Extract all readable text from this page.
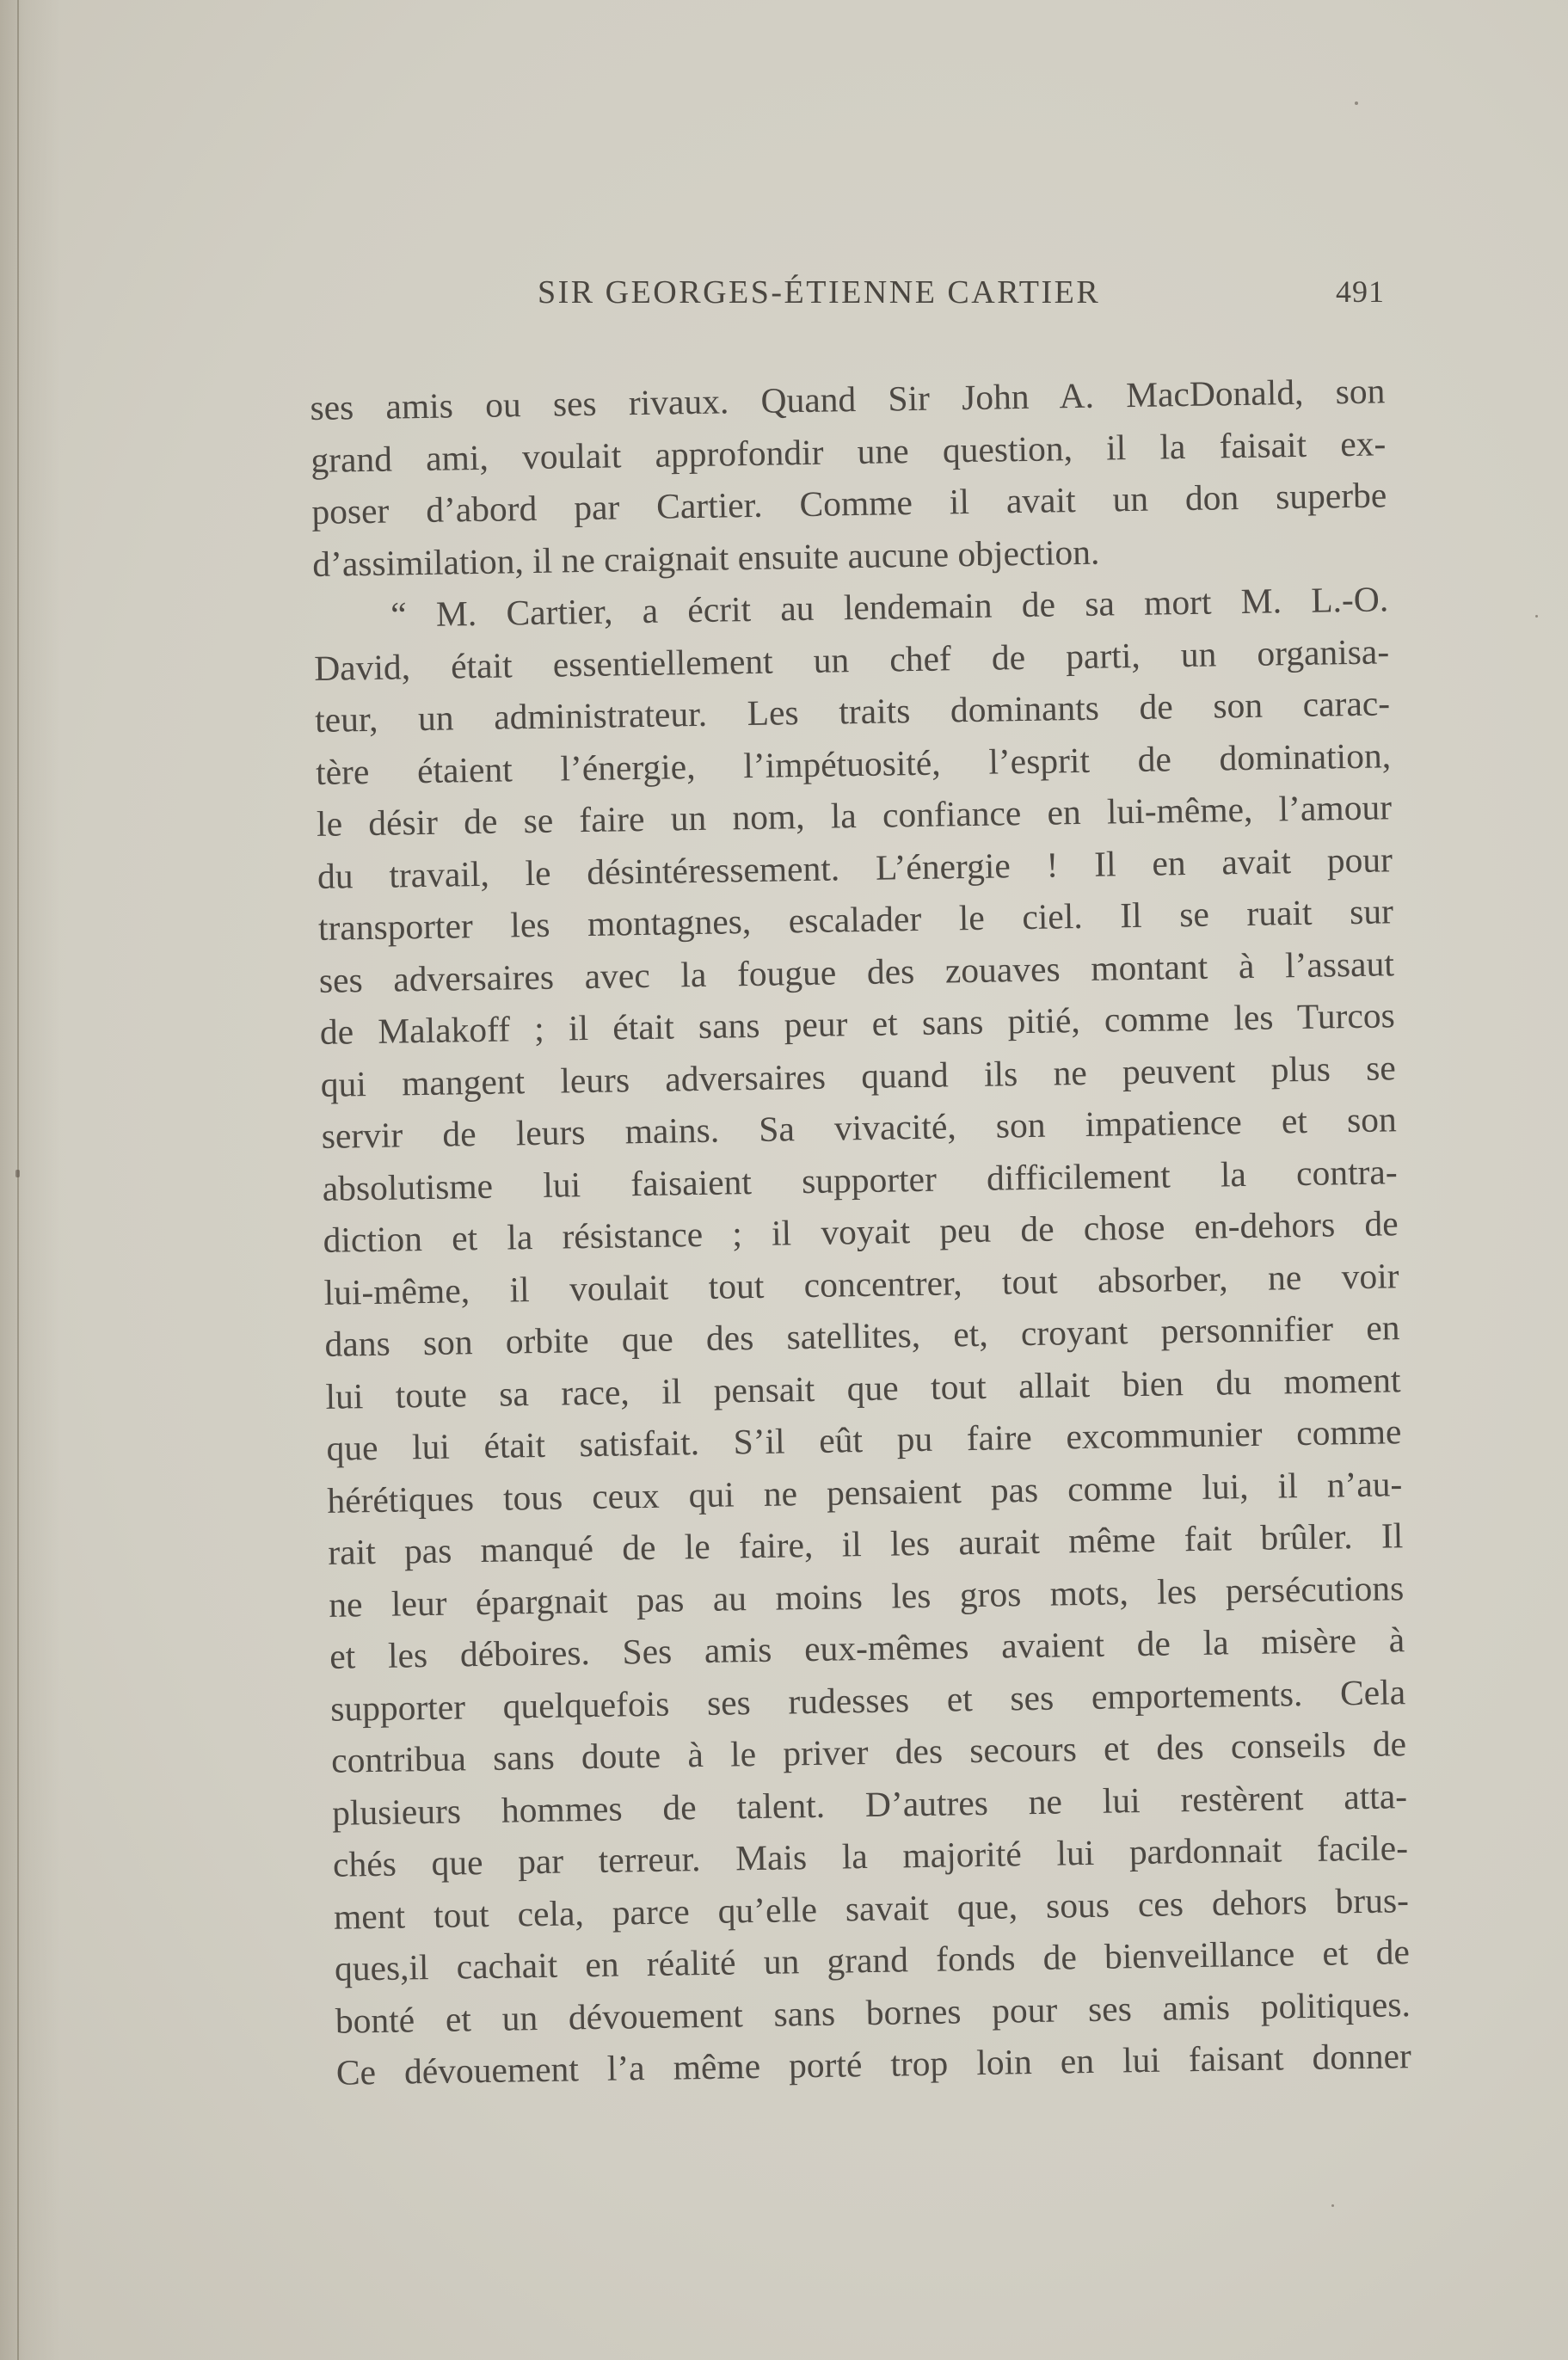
SIR GEORGES-ÉTIENNE CARTIER	491
ses amis ou ses rivaux. Quand Sir John A. MacDonald, son
grand ami, voulait approfondir une question, il la faisait ex-
poser d’abord par Cartier. Comme il avait un don superbe
d’assimilation, il ne craignait ensuite aucune objection.
“ M. Cartier, a écrit au lendemain de sa mort M. L.-O.
David, était essentiellement un chef de parti, un organisa-
teur, un administrateur. Les traits dominants de son carac-
tère étaient l’énergie, l’impétuosité, l’esprit de domination,
le désir de se faire un nom, la confiance en lui-même, l’amour
du travail, le désintéressement. L’énergie ! Il en avait pour
transporter les montagnes, escalader le ciel. Il se ruait sur
ses adversaires avec la fougue des zouaves montant à l’assaut
de Malakoff ; il était sans peur et sans pitié, comme les Turcos
qui mangent leurs adversaires quand ils ne peuvent plus se
servir de leurs mains. Sa vivacité, son impatience et son
absolutisme lui faisaient supporter difficilement la contra-
diction et la résistance ; il voyait peu de chose en-dehors de
lui-même, il voulait tout concentrer, tout absorber, ne voir
dans son orbite que des satellites, et, croyant personnifier en
lui toute sa race, il pensait que tout allait bien du moment
que lui était satisfait. S’il eût pu faire excommunier comme
hérétiques tous ceux qui ne pensaient pas comme lui, il n’au-
rait pas manqué de le faire, il les aurait même fait brûler. Il
ne leur épargnait pas au moins les gros mots, les persécutions
et les déboires. Ses amis eux-mêmes avaient de la misère à
supporter quelquefois ses rudesses et ses emportements. Cela
contribua sans doute à le priver des secours et des conseils de
plusieurs hommes de talent. D’autres ne lui restèrent atta-
chés que par terreur. Mais la majorité lui pardonnait facile-
ment tout cela, parce qu’elle savait que, sous ces dehors brus-
ques,il cachait en réalité un grand fonds de bienveillance et de
bonté et un dévouement sans bornes pour ses amis politiques.
Ce dévouement l’a même porté trop loin en lui faisant donner
